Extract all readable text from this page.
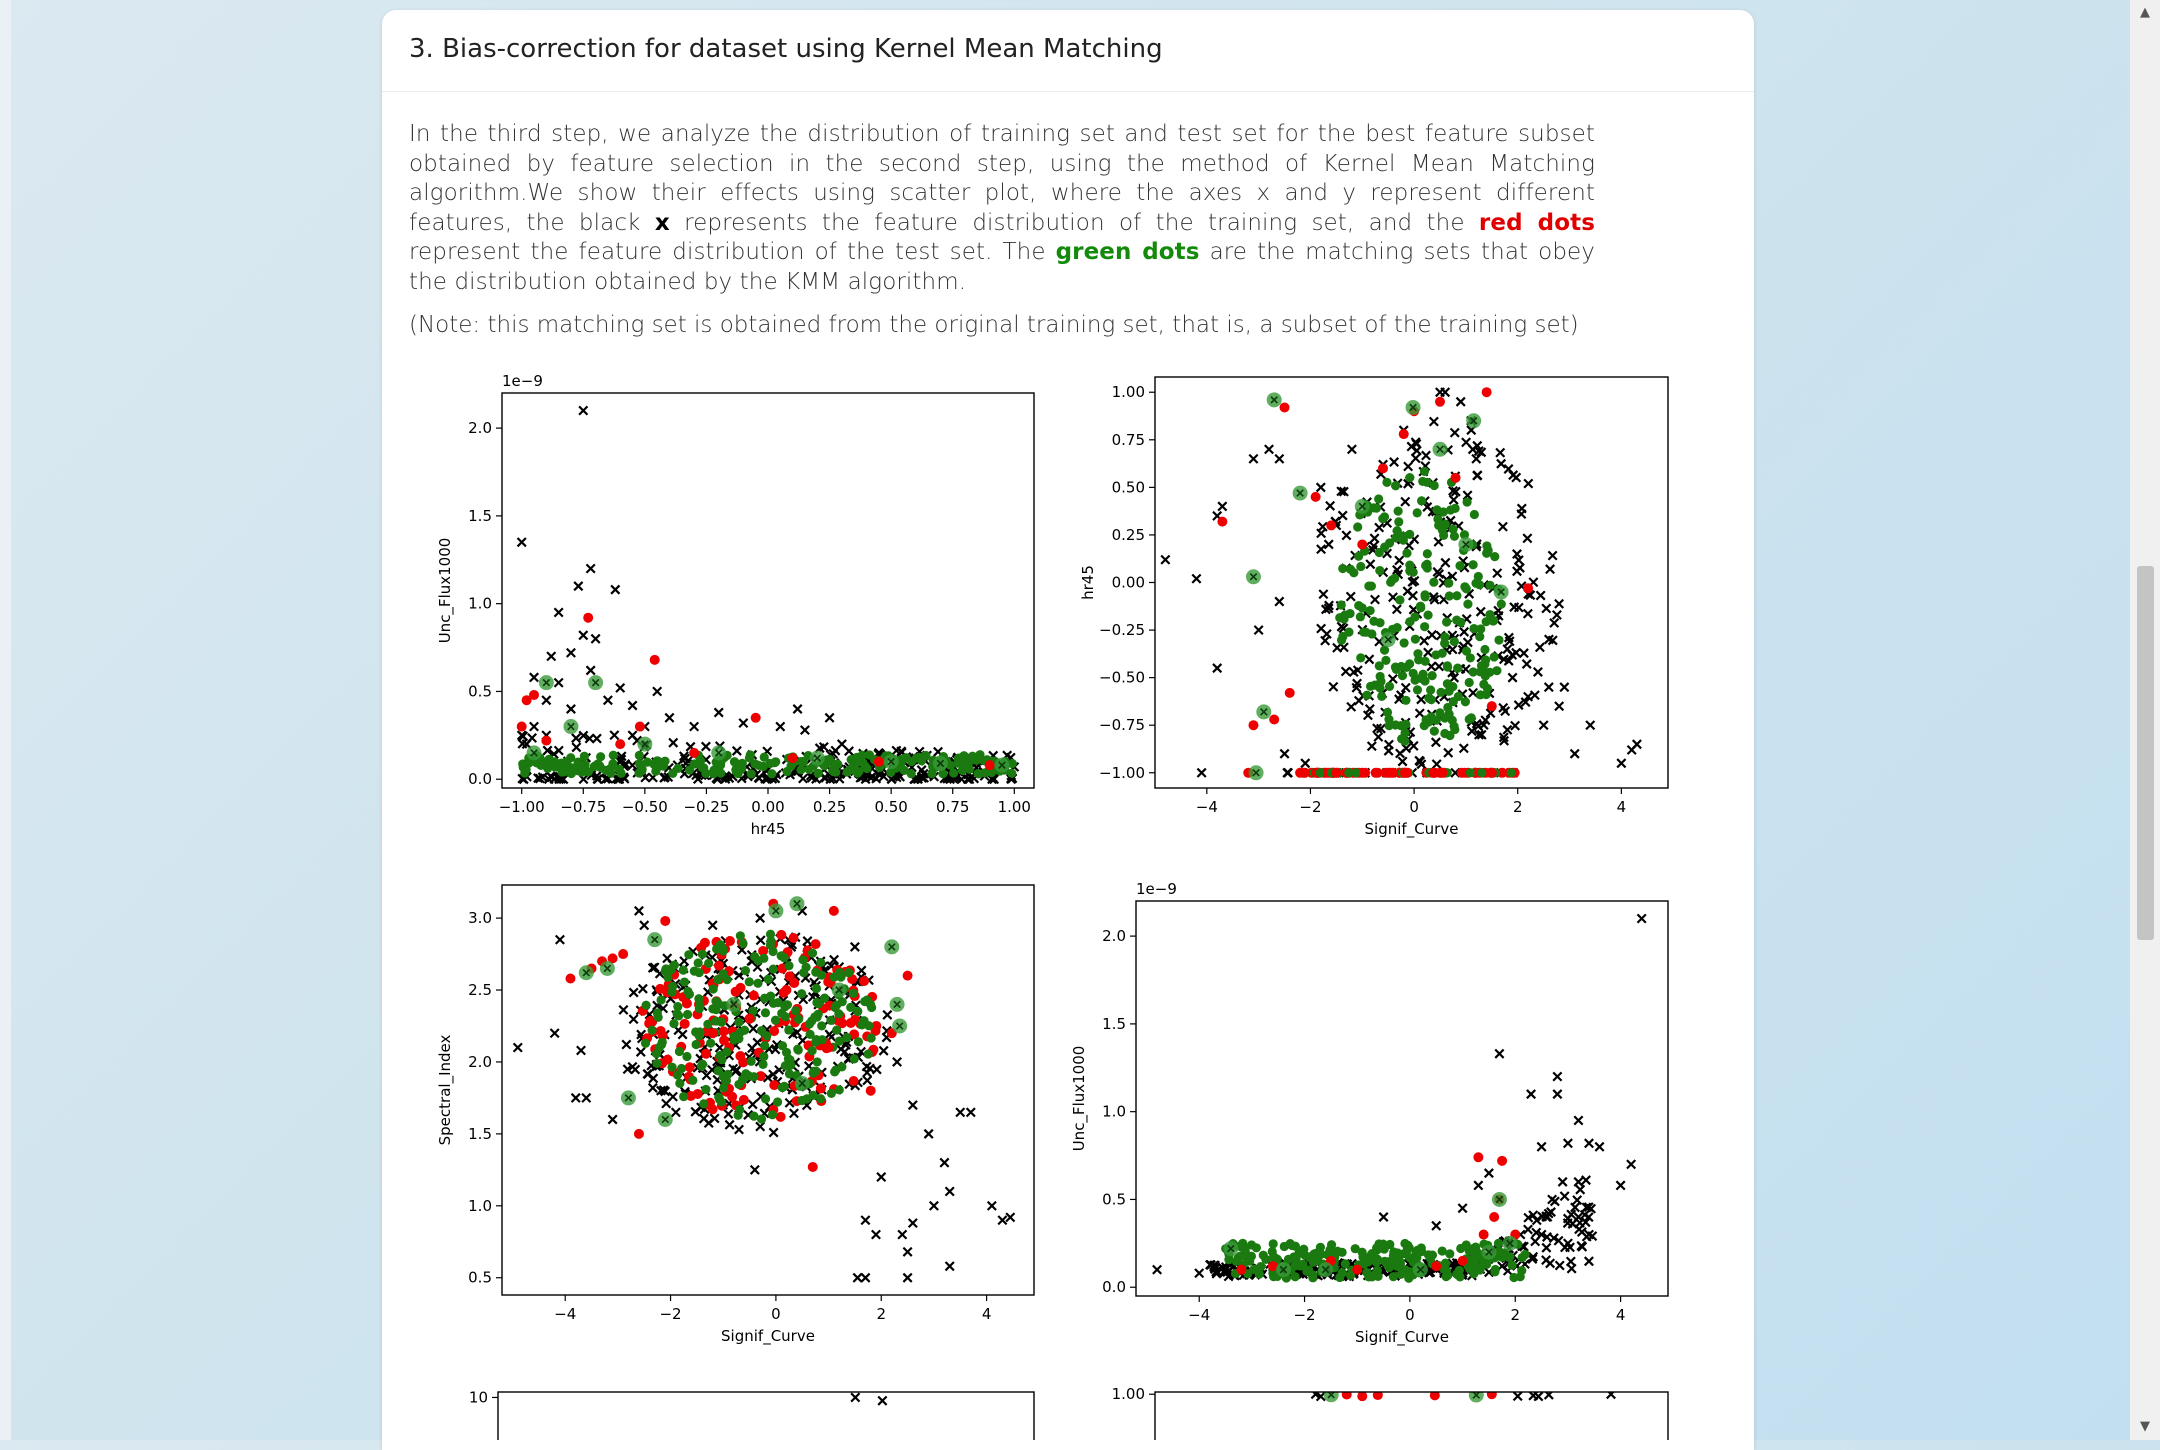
3. Bias-correction for dataset using Kernel Mean Matching

In the third step, we analyze the distribution of training set and test set for the best feature subset obtained by feature selection in the second step, using the method of Kernel Mean Matching algorithm.We show their effects using scatter plot, where the axes x and y represent different features, the black x represents the feature distribution of the training set, and the red dots represent the feature distribution of the test set. The green dots are the matching sets that obey the distribution obtained by the KMM algorithm.

(Note: this matching set is obtained from the original training set, that is, a subset of the training set)

−1.00 −0.75 −0.50 −0.25 0.00 0.25 0.50 0.75 1.00
0.0
0.5
1.0
1.5
2.0
1e−9
hr45
Unc_Flux1000
−4	−2	0	2	4
−1.00
−0.75
−0.50
−0.25
0.00
0.25
0.50
0.75
1.00
Signif_Curve
hr45
−4	−2	0	2	4
0.5
1.0
1.5
2.0
2.5
3.0
Signif_Curve
Spectral_Index
−4	−2	0	2	4
0.0
0.5
1.0
1.5
2.0
1e−9
Signif_Curve
Unc_Flux1000
10	1.00
▲
▼
